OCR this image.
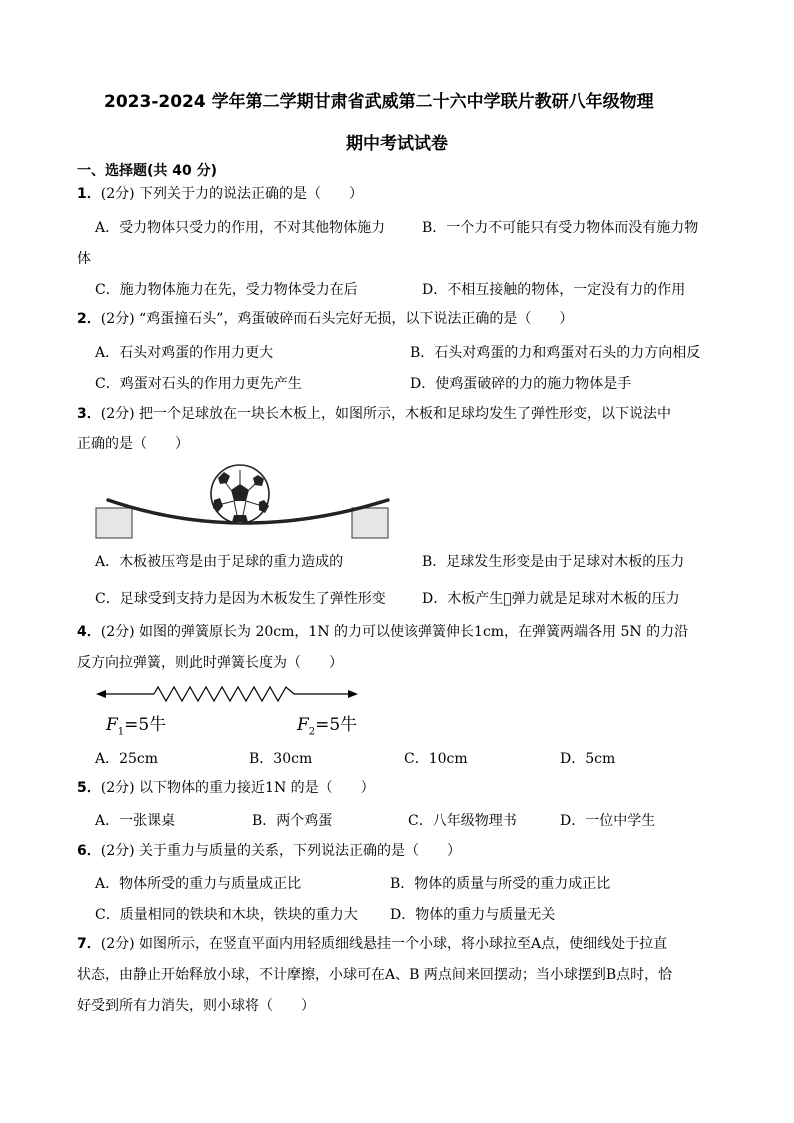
2023-2024 学年第二学期甘肃省武威第二十六中学联片教研八年级物理
期中考试试卷
一、选择题(共 40 分)
1．(2分) 下列关于力的说法正确的是（　　）
A．受力物体只受力的作用，不对其他物体施力	B．一个力不可能只有受力物体而没有施力物
体
C．施力物体施力在先，受力物体受力在后	D．不相互接触的物体，一定没有力的作用
2．(2分) “鸡蛋撞石头”，鸡蛋破碎而石头完好无损，以下说法正确的是（　　）
A．石头对鸡蛋的作用力更大	B．石头对鸡蛋的力和鸡蛋对石头的力方向相反
C．鸡蛋对石头的作用力更先产生	D．使鸡蛋破碎的力的施力物体是手
3．(2分) 把一个足球放在一块长木板上，如图所示，木板和足球均发生了弹性形变，以下说法中
正确的是（　　）
A．木板被压弯是由于足球的重力造成的	B．足球发生形变是由于足球对木板的压力
C．足球受到支持力是因为木板发生了弹性形变	D．木板产生 弹力就是足球对木板的压力
4．(2分) 如图的弹簧原长为 20cm，1N 的力可以使该弹簧伸长1cm，在弹簧两端各用 5N 的力沿
反方向拉弹簧，则此时弹簧长度为（　　）
$F_1=5$牛	$F_2=5$牛
A．25cm	B．30cm	C．10cm	D．5cm
5．(2分) 以下物体的重力接近1N 的是（　　）
A．一张课桌	B．两个鸡蛋	C．八年级物理书	D．一位中学生
6．(2分) 关于重力与质量的关系，下列说法正确的是（　　）
A．物体所受的重力与质量成正比	B．物体的质量与所受的重力成正比
C．质量相同的铁块和木块，铁块的重力大 D．物体的重力与质量无关
7．(2分) 如图所示，在竖直平面内用轻质细线悬挂一个小球，将小球拉至A点，使细线处于拉直
状态，由静止开始释放小球，不计摩擦，小球可在A、B 两点间来回摆动；当小球摆到B点时，恰
好受到所有力消失，则小球将（　　）
